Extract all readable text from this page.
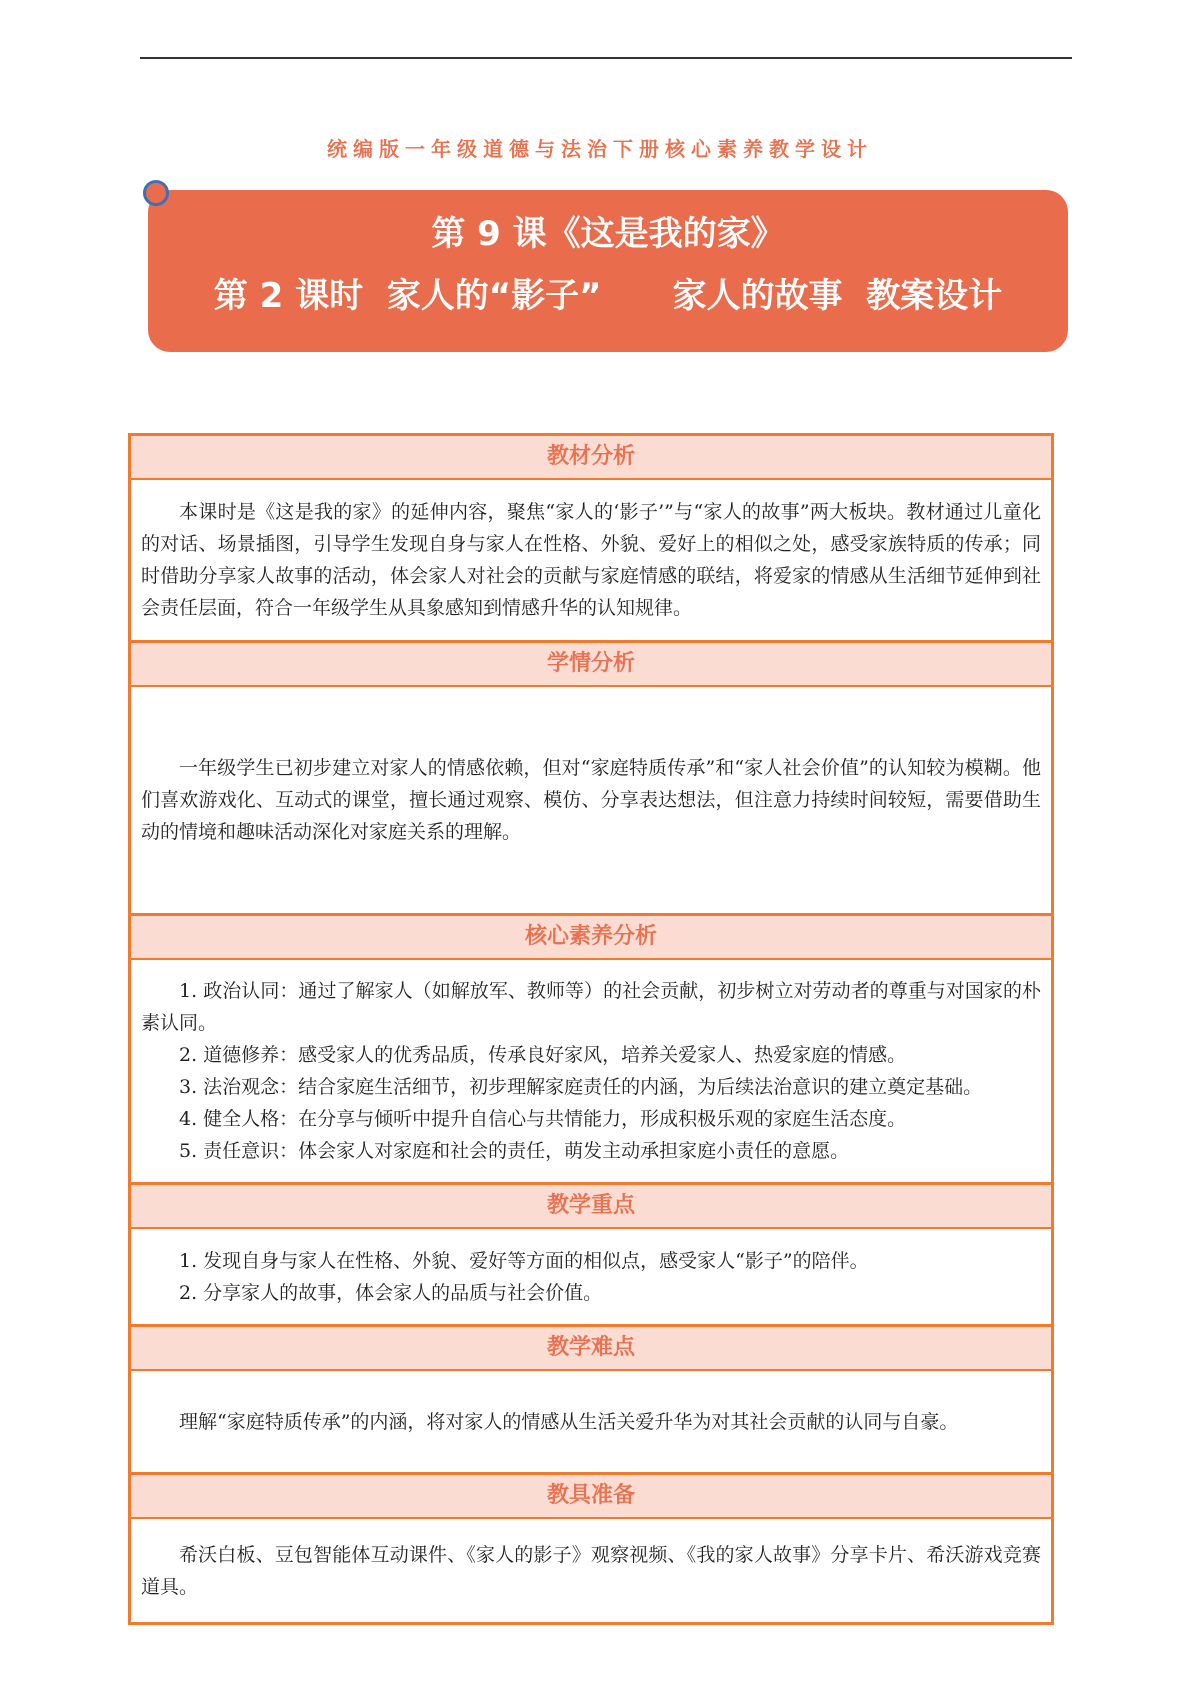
统编版一年级道德与法治下册核心素养教学设计
第 9 课《这是我的家》
第 2 课时  家人的“影子”      家人的故事  教案设计
教材分析

本课时是《这是我的家》的延伸内容，聚焦“家人的‘影子’”与“家人的故事”两大板块。教材通过儿童化的对话、场景插图，引导学生发现自身与家人在性格、外貌、爱好上的相似之处，感受家族特质的传承；同时借助分享家人故事的活动，体会家人对社会的贡献与家庭情感的联结，将爱家的情感从生活细节延伸到社会责任层面，符合一年级学生从具象感知到情感升华的认知规律。

学情分析

一年级学生已初步建立对家人的情感依赖，但对“家庭特质传承”和“家人社会价值”的认知较为模糊。他们喜欢游戏化、互动式的课堂，擅长通过观察、模仿、分享表达想法，但注意力持续时间较短，需要借助生动的情境和趣味活动深化对家庭关系的理解。

核心素养分析

1. 政治认同：通过了解家人（如解放军、教师等）的社会贡献，初步树立对劳动者的尊重与对国家的朴素认同。

2. 道德修养：感受家人的优秀品质，传承良好家风，培养关爱家人、热爱家庭的情感。

3. 法治观念：结合家庭生活细节，初步理解家庭责任的内涵，为后续法治意识的建立奠定基础。

4. 健全人格：在分享与倾听中提升自信心与共情能力，形成积极乐观的家庭生活态度。

5. 责任意识：体会家人对家庭和社会的责任，萌发主动承担家庭小责任的意愿。

教学重点

1. 发现自身与家人在性格、外貌、爱好等方面的相似点，感受家人“影子”的陪伴。

2. 分享家人的故事，体会家人的品质与社会价值。

教学难点

理解“家庭特质传承”的内涵，将对家人的情感从生活关爱升华为对其社会贡献的认同与自豪。

教具准备

希沃白板、豆包智能体互动课件、《家人的影子》观察视频、《我的家人故事》分享卡片、希沃游戏竞赛道具。
